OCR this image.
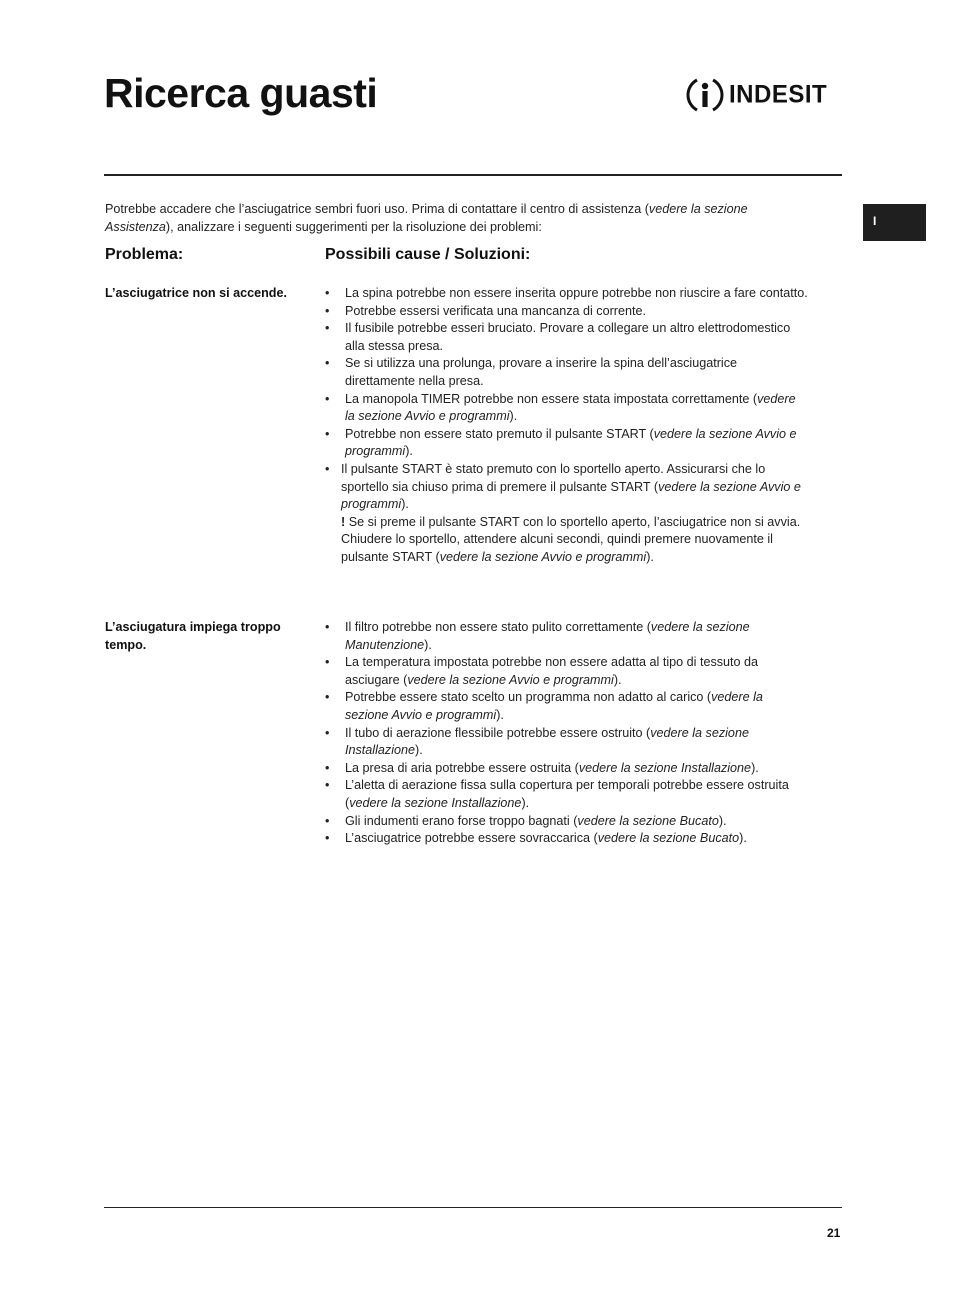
Ricerca guasti	INDESIT
I

Potrebbe accadere che l’asciugatrice sembri fuori uso. Prima di contattare il centro di assistenza (vedere la sezione Assistenza), analizzare i seguenti suggerimenti per la risoluzione dei problemi:

Problema:	Possibili cause / Soluzioni:

L’asciugatrice non si accende.

•	La spina potrebbe non essere inserita oppure potrebbe non riuscire a fare contatto.
• Potrebbe essersi verificata una mancanza di corrente.
• Il fusibile potrebbe esseri bruciato. Provare a collegare un altro elettrodomestico alla stessa presa.
• Se si utilizza una prolunga, provare a inserire la spina dell’asciugatrice direttamente nella presa.
• La manopola TIMER potrebbe non essere stata impostata correttamente (vedere la sezione Avvio e programmi).
• Potrebbe non essere stato premuto il pulsante START (vedere la sezione Avvio e programmi).
• Il pulsante START è stato premuto con lo sportello aperto. Assicurarsi che lo sportello sia chiuso prima di premere il pulsante START (vedere la sezione Avvio e programmi).
! Se si preme il pulsante START con lo sportello aperto, l’asciugatrice non si avvia. Chiudere lo sportello, attendere alcuni secondi, quindi premere nuovamente il pulsante START (vedere la sezione Avvio e programmi).

L’asciugatura impiega troppo tempo.

• Il filtro potrebbe non essere stato pulito correttamente (vedere la sezione Manutenzione).
• La temperatura impostata potrebbe non essere adatta al tipo di tessuto da asciugare (vedere la sezione Avvio e programmi).
• Potrebbe essere stato scelto un programma non adatto al carico (vedere la sezione Avvio e programmi).
• Il tubo di aerazione flessibile potrebbe essere ostruito (vedere la sezione Installazione).
• La presa di aria potrebbe essere ostruita (vedere la sezione Installazione).
• L’aletta di aerazione fissa sulla copertura per temporali potrebbe essere ostruita (vedere la sezione Installazione).
• Gli indumenti erano forse troppo bagnati (vedere la sezione Bucato).
• L’asciugatrice potrebbe essere sovraccarica (vedere la sezione Bucato).
21
